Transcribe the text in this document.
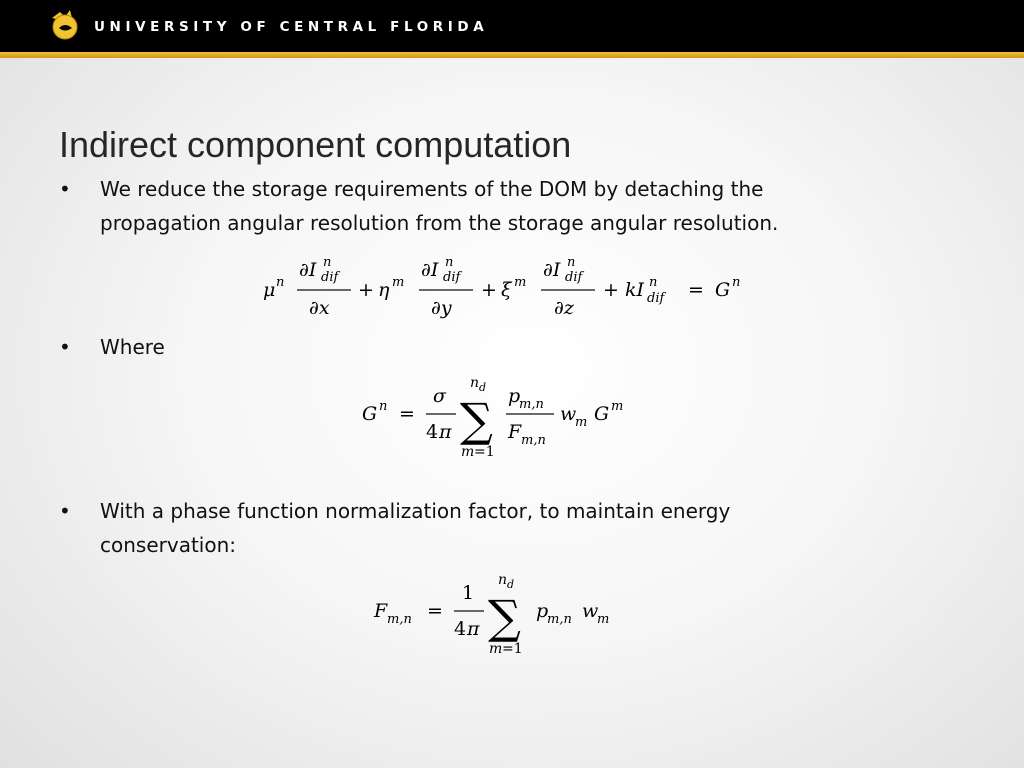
UNIVERSITY OF CENTRAL FLORIDA
Indirect component computation
• We reduce the storage requirements of the DOM by detaching the
propagation angular resolution from the storage angular resolution.
μ n
∂I n
dif
∂x
+ η m
∂I n
dif
∂y
+ ξ m
∂I n
dif
∂z
+ kI n
dif = G n
• Where
G n =
σ
4 π
n d
∑
m =1
p
m,n
F m,n
w
m G m
• With a phase function normalization factor, to maintain energy
conservation:
F m,n =
1
4 π
n d
∑
m =1
p
m,n w
m
